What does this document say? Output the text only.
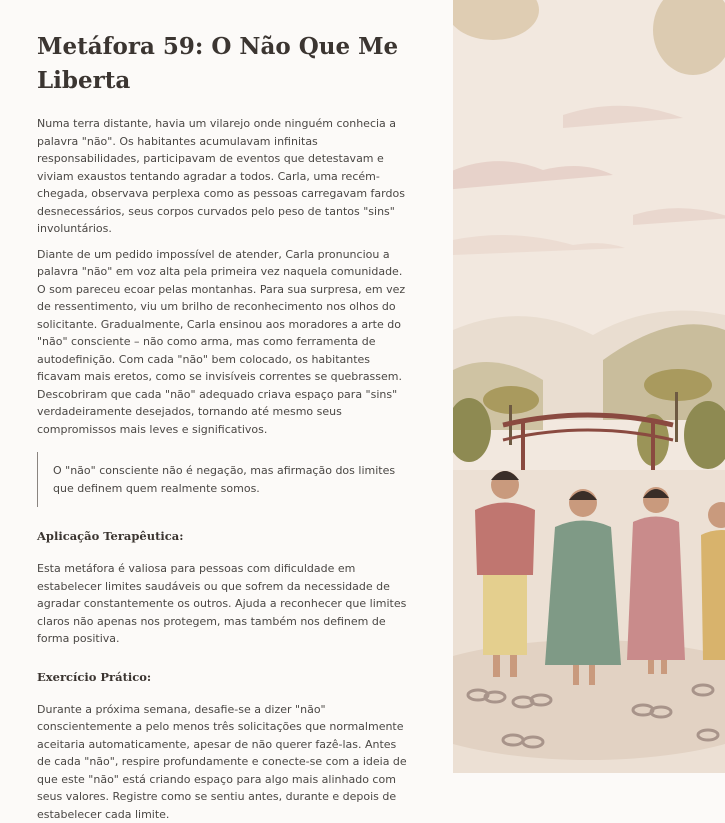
Metáfora 59: O Não Que Me Liberta

Numa terra distante, havia um vilarejo onde ninguém conhecia a palavra "não". Os habitantes acumulavam infinitas responsabilidades, participavam de eventos que detestavam e viviam exaustos tentando agradar a todos. Carla, uma recém-chegada, observava perplexa como as pessoas carregavam fardos desnecessários, seus corpos curvados pelo peso de tantos "sins" involuntários.

Diante de um pedido impossível de atender, Carla pronunciou a palavra "não" em voz alta pela primeira vez naquela comunidade. O som pareceu ecoar pelas montanhas. Para sua surpresa, em vez de ressentimento, viu um brilho de reconhecimento nos olhos do solicitante. Gradualmente, Carla ensinou aos moradores a arte do "não" consciente – não como arma, mas como ferramenta de autodefinição. Com cada "não" bem colocado, os habitantes ficavam mais eretos, como se invisíveis correntes se quebrassem. Descobriram que cada "não" adequado criava espaço para "sins" verdadeiramente desejados, tornando até mesmo seus compromissos mais leves e significativos.

O "não" consciente não é negação, mas afirmação dos limites que definem quem realmente somos.

Aplicação Terapêutica:

Esta metáfora é valiosa para pessoas com dificuldade em estabelecer limites saudáveis ou que sofrem da necessidade de agradar constantemente os outros. Ajuda a reconhecer que limites claros não apenas nos protegem, mas também nos definem de forma positiva.

Exercício Prático:

Durante a próxima semana, desafie-se a dizer "não" conscientemente a pelo menos três solicitações que normalmente aceitaria automaticamente, apesar de não querer fazê-las. Antes de cada "não", respire profundamente e conecte-se com a ideia de que este "não" está criando espaço para algo mais alinhado com seus valores. Registre como se sentiu antes, durante e depois de estabelecer cada limite.
